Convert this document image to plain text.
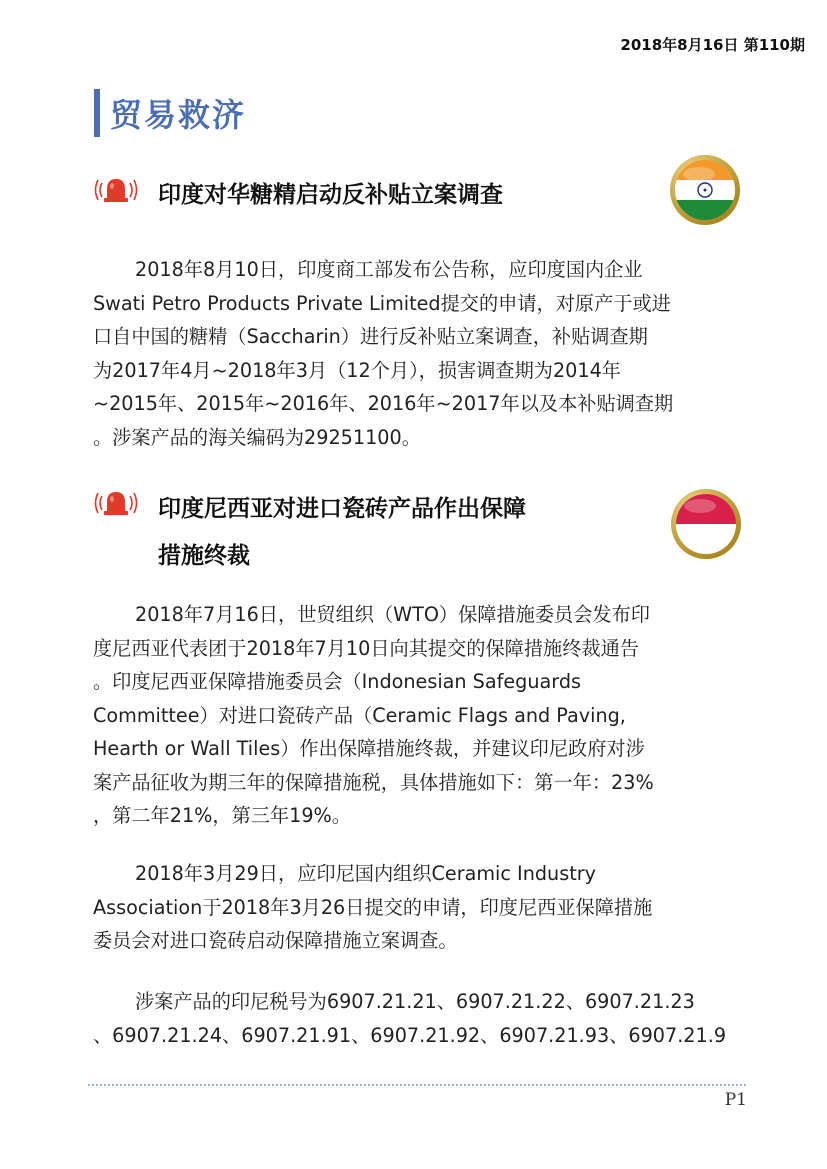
2018年8月16日 第110期
贸易救济
印度对华糖精启动反补贴立案调查
2018年8月10日，印度商工部发布公告称，应印度国内企业
Swati Petro Products Private Limited提交的申请，对原产于或进
口自中国的糖精（Saccharin）进行反补贴立案调查，补贴调查期
为2017年4月~2018年3月（12个月），损害调查期为2014年
~2015年、2015年~2016年、2016年~2017年以及本补贴调查期
。涉案产品的海关编码为29251100。
印度尼西亚对进口瓷砖产品作出保障
措施终裁
2018年7月16日，世贸组织（WTO）保障措施委员会发布印
度尼西亚代表团于2018年7月10日向其提交的保障措施终裁通告
。印度尼西亚保障措施委员会（Indonesian Safeguards
Committee）对进口瓷砖产品（Ceramic Flags and Paving,
Hearth or Wall Tiles）作出保障措施终裁，并建议印尼政府对涉
案产品征收为期三年的保障措施税，具体措施如下：第一年：23%
，第二年21%，第三年19%。
2018年3月29日，应印尼国内组织Ceramic Industry
Association于2018年3月26日提交的申请，印度尼西亚保障措施
委员会对进口瓷砖启动保障措施立案调查。
涉案产品的印尼税号为6907.21.21、6907.21.22、6907.21.23
、6907.21.24、6907.21.91、6907.21.92、6907.21.93、6907.21.9
P1
